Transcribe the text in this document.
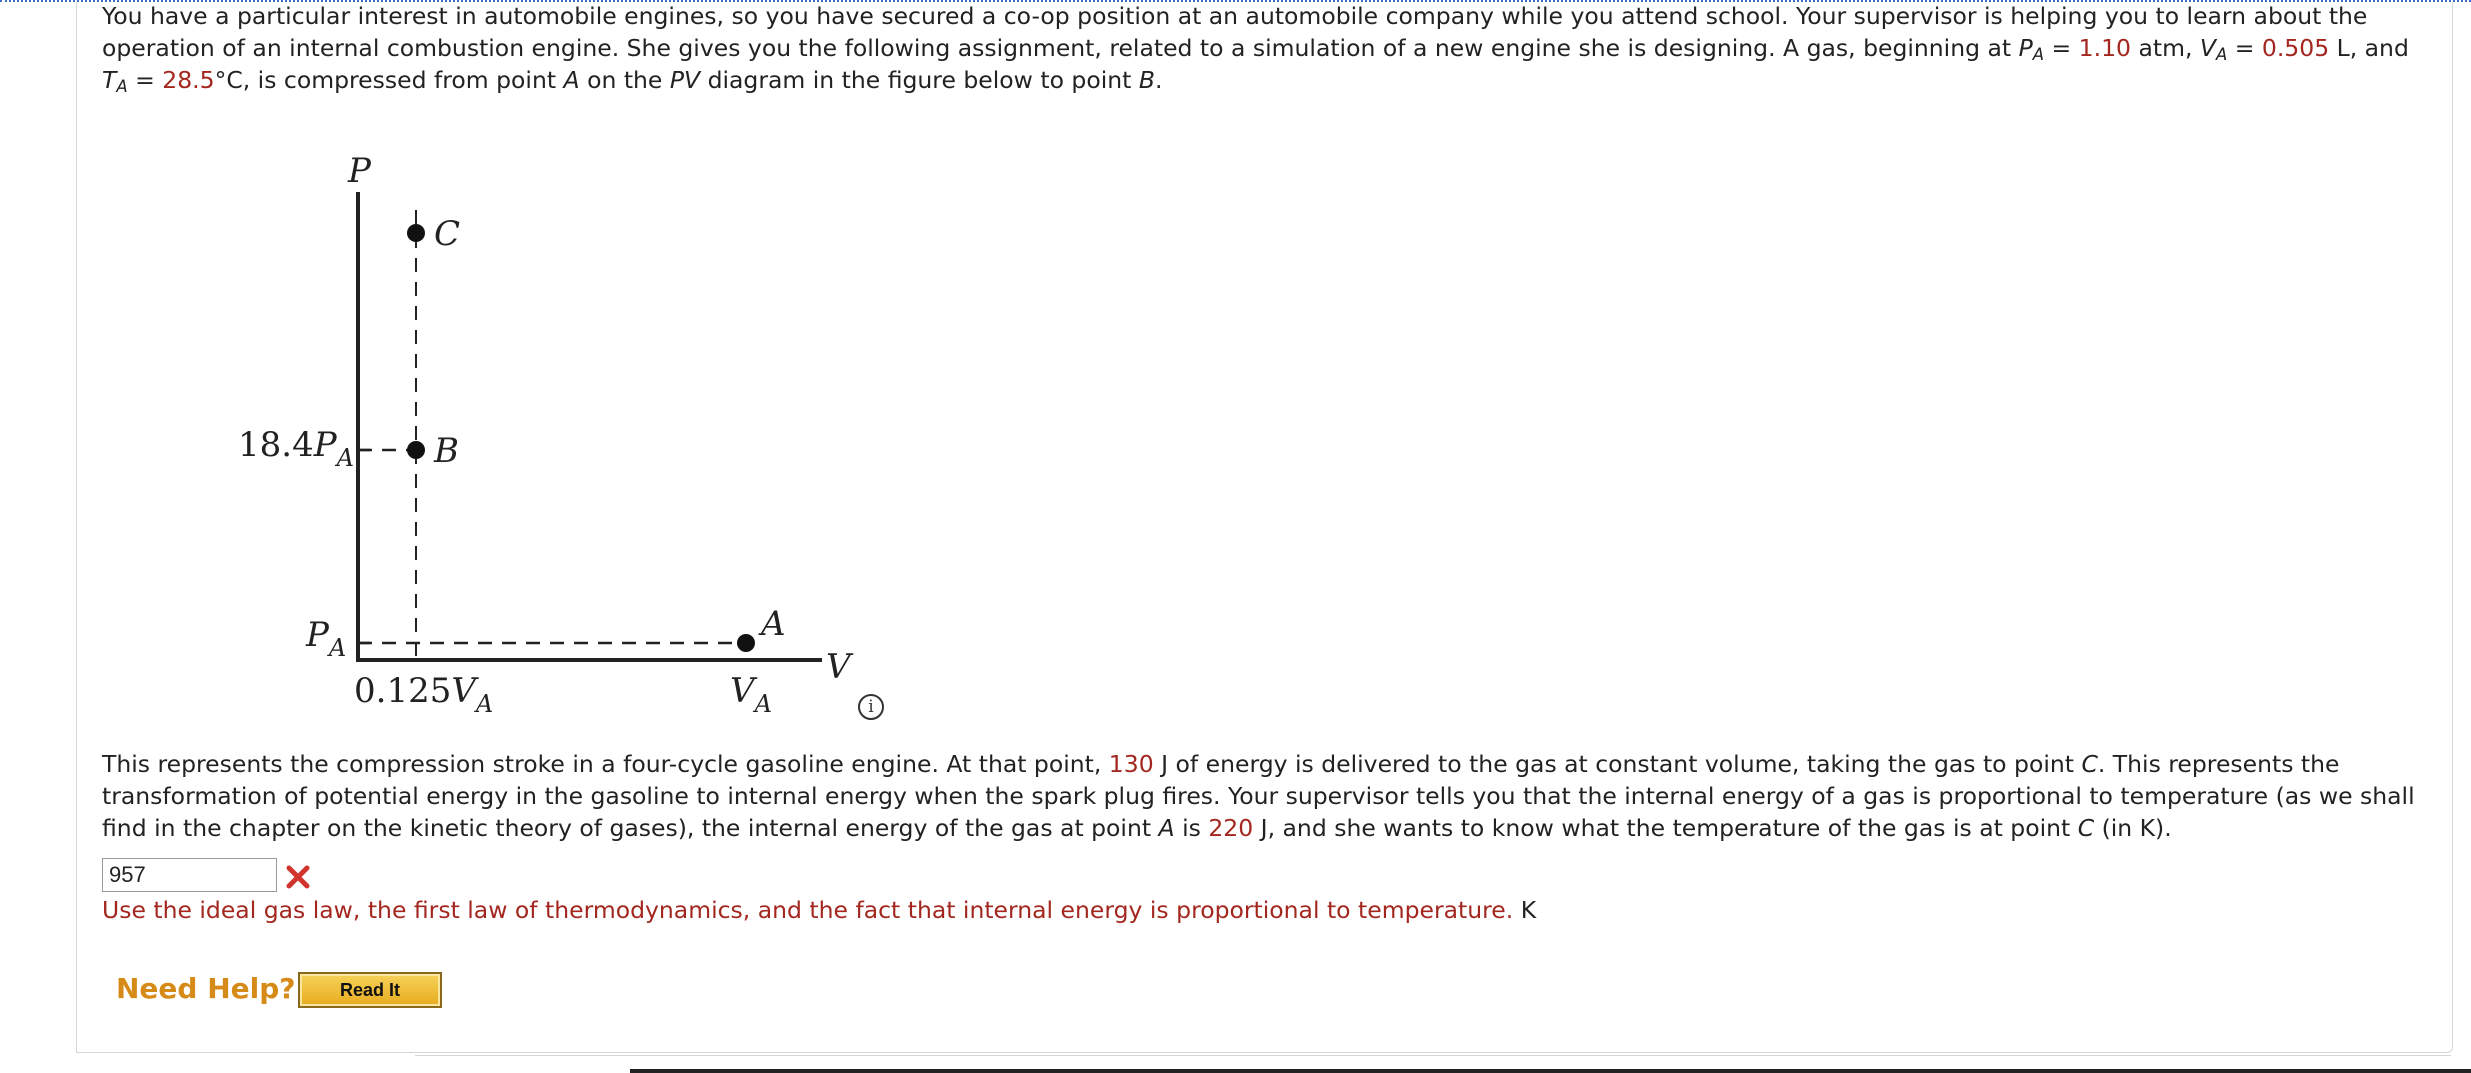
You have a particular interest in automobile engines, so you have secured a co-op position at an automobile company while you attend school. Your supervisor is helping you to learn about the operation of an internal combustion engine. She gives you the following assignment, related to a simulation of a new engine she is designing. A gas, beginning at $P_A = 1.10$ atm, $V_A = 0.505$ L, and $T_A = 28.5^\circ C$, is compressed from point A on the PV diagram in the figure below to point B.

P
V
C
B
A
$18.4P_A$
$P_A$
$0.125V_A$	$V_A$	i

This represents the compression stroke in a four-cycle gasoline engine. At that point, 130 J of energy is delivered to the gas at constant volume, taking the gas to point C. This represents the transformation of potential energy in the gasoline to internal energy when the spark plug fires. Your supervisor tells you that the internal energy of a gas is proportional to temperature (as we shall find in the chapter on the kinetic theory of gases), the internal energy of the gas at point A is 220 J, and she wants to know what the temperature of the gas is at point C (in K).

957

Use the ideal gas law, the first law of thermodynamics, and the fact that internal energy is proportional to temperature. K

Need Help?	Read It
